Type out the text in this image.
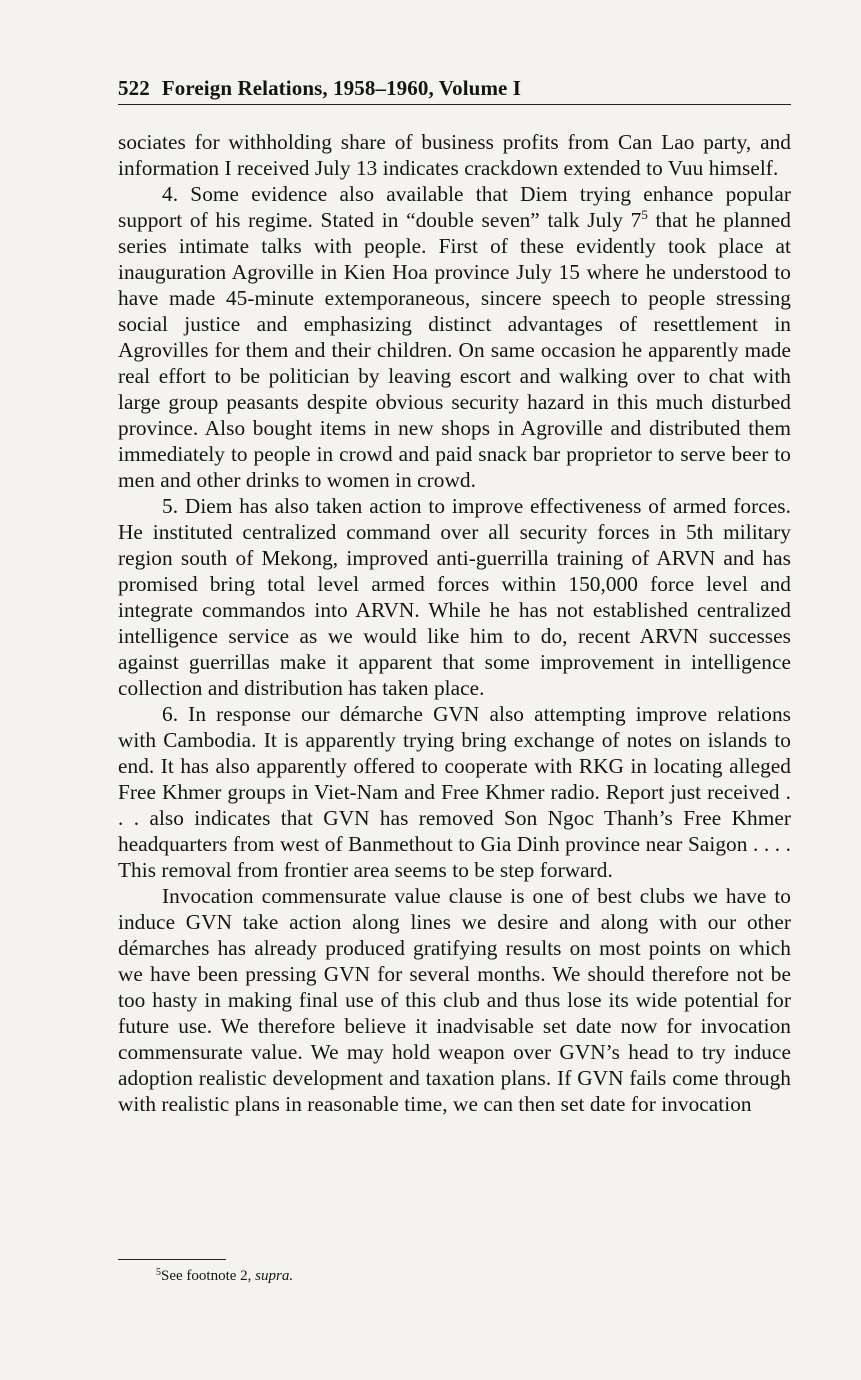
522 Foreign Relations, 1958–1960, Volume I

sociates for withholding share of business profits from Can Lao party, and information I received July 13 indicates crackdown extended to Vuu himself.

4. Some evidence also available that Diem trying enhance popular support of his regime. Stated in “double seven” talk July $7^5$ that he planned series intimate talks with people. First of these evidently took place at inauguration Agroville in Kien Hoa province July 15 where he understood to have made 45-minute extemporaneous, sincere speech to people stressing social justice and emphasizing distinct advantages of resettlement in Agrovilles for them and their children. On same occasion he apparently made real effort to be politician by leaving escort and walking over to chat with large group peasants despite obvious security hazard in this much disturbed province. Also bought items in new shops in Agroville and distributed them immediately to people in crowd and paid snack bar proprietor to serve beer to men and other drinks to women in crowd.

5. Diem has also taken action to improve effectiveness of armed forces. He instituted centralized command over all security forces in 5th military region south of Mekong, improved anti-guerrilla training of ARVN and has promised bring total level armed forces within 150,000 force level and integrate commandos into ARVN. While he has not established centralized intelligence service as we would like him to do, recent ARVN successes against guerrillas make it apparent that some improvement in intelligence collection and distribution has taken place.

6. In response our démarche GVN also attempting improve relations with Cambodia. It is apparently trying bring exchange of notes on islands to end. It has also apparently offered to cooperate with RKG in locating alleged Free Khmer groups in Viet-Nam and Free Khmer radio. Report just received . . . also indicates that GVN has removed Son Ngoc Thanh’s Free Khmer headquarters from west of Banmethout to Gia Dinh province near Saigon . . . . This removal from frontier area seems to be step forward.

Invocation commensurate value clause is one of best clubs we have to induce GVN take action along lines we desire and along with our other démarches has already produced gratifying results on most points on which we have been pressing GVN for several months. We should therefore not be too hasty in making final use of this club and thus lose its wide potential for future use. We therefore believe it inadvisable set date now for invocation commensurate value. We may hold weapon over GVN’s head to try induce adoption realistic development and taxation plans. If GVN fails come through with realistic plans in reasonable time, we can then set date for invocation

$^5$See footnote 2, supra.
